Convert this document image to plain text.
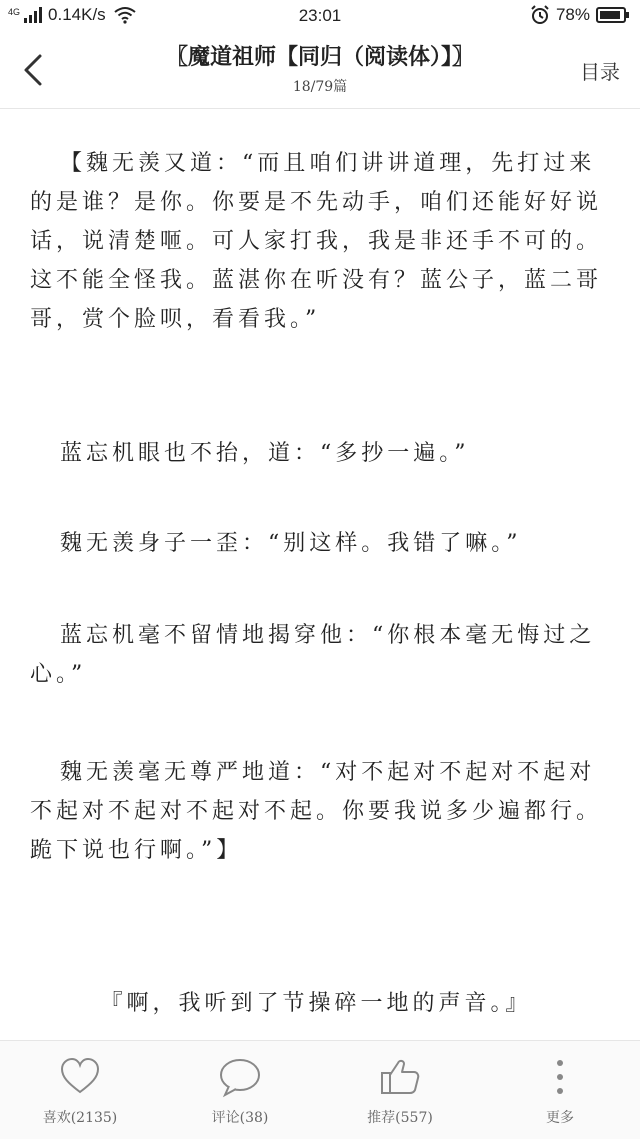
4G 0.14K/s	23:01	78%
〖魔道祖师【同归（阅读体）】〗
18/79篇
目录
【魏无羡又道：“而且咱们讲讲道理，先打过来的是谁？是你。你要是不先动手，咱们还能好好说话，说清楚咂。可人家打我，我是非还手不可的。这不能全怪我。蓝湛你在听没有？蓝公子，蓝二哥哥，赏个脸呗，看看我。”
蓝忘机眼也不抬，道：“多抄一遍。”
魏无羡身子一歪：“别这样。我错了嘛。”
蓝忘机毫不留情地揭穿他：“你根本毫无悔过之心。”
魏无羡毫无尊严地道：“对不起对不起对不起对不起对不起对不起对不起。你要我说多少遍都行。跪下说也行啊。”】
『啊，我听到了节操碎一地的声音。』
喜欢(2135)	评论(38)	推荐(557)	更多
